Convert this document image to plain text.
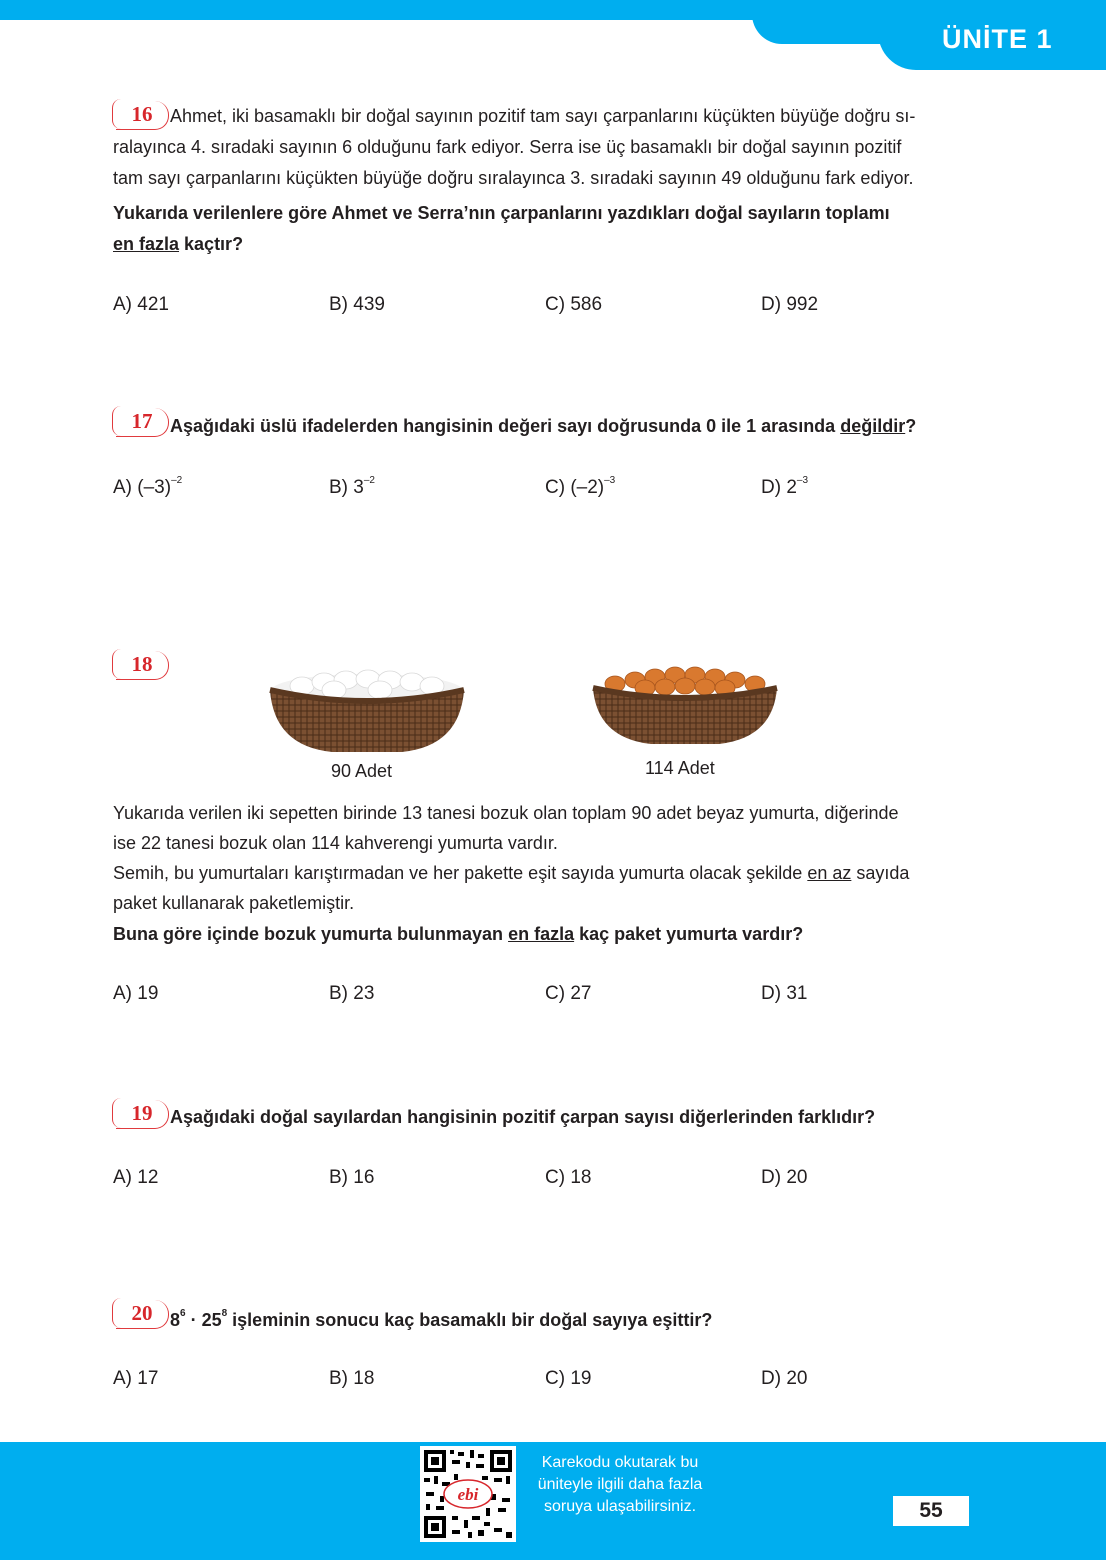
ÜNİTE 1
16 Ahmet, iki basamaklı bir doğal sayının pozitif tam sayı çarpanlarını küçükten büyüğe doğru sı-
ralayınca 4. sıradaki sayının 6 olduğunu fark ediyor. Serra ise üç basamaklı bir doğal sayının pozitif
tam sayı çarpanlarını küçükten büyüğe doğru sıralayınca 3. sıradaki sayının 49 olduğunu fark ediyor.
Yukarıda verilenlere göre Ahmet ve Serra’nın çarpanlarını yazdıkları doğal sayıların toplamı
en fazla kaçtır?
A) 421	B) 439	C) 586	D) 992
17 Aşağıdaki üslü ifadelerden hangisinin değeri sayı doğrusunda 0 ile 1 arasında değildir?
A) $(-3)^{-2}$	B) $3^{-2}$	C) $(-2)^{-3}$	D) $2^{-3}$
18
90 Adet	114 Adet
Yukarıda verilen iki sepetten birinde 13 tanesi bozuk olan toplam 90 adet beyaz yumurta, diğerinde
ise 22 tanesi bozuk olan 114 kahverengi yumurta vardır.
Semih, bu yumurtaları karıştırmadan ve her pakette eşit sayıda yumurta olacak şekilde en az sayıda
paket kullanarak paketlemiştir.
Buna göre içinde bozuk yumurta bulunmayan en fazla kaç paket yumurta vardır?
A) 19	B) 23	C) 27	D) 31
19 Aşağıdaki doğal sayılardan hangisinin pozitif çarpan sayısı diğerlerinden farklıdır?
A) 12	B) 16	C) 18	D) 20
20 $8^6 \cdot 25^8$ işleminin sonucu kaç basamaklı bir doğal sayıya eşittir?
A) 17	B) 18	C) 19	D) 20
ebi
Karekodu okutarak bu
üniteyle ilgili daha fazla
soruya ulaşabilirsiniz.	55
